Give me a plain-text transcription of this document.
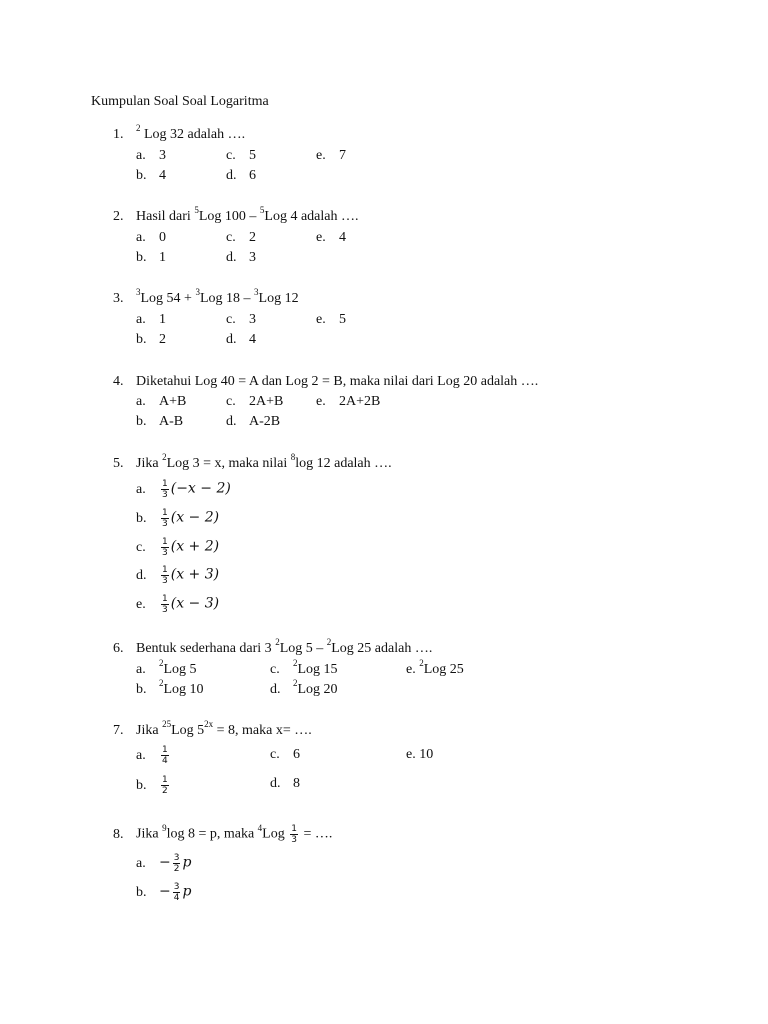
Kumpulan Soal Soal Logaritma
1. $^2$ Log 32 adalah ….
a. 3	c. 5	e. 7
b. 4	d. 6
2. Hasil dari $^5$Log 100 – $^5$Log 4 adalah ….
a. 0	c. 2	e. 4
b. 1	d. 3
3. $^3$Log 54 + $^3$Log 18 – $^3$Log 12
a. 1	c. 3	e. 5
b. 2	d. 4
4. Diketahui Log 40 = A dan Log 2 = B, maka nilai dari Log 20 adalah ….
a. A+B	c. 2A+B e. 2A+2B
b. A-B	d. A-2B
5. Jika $^2$Log 3 = x, maka nilai $^8$log 12 adalah ….
a. $\frac{1}{3} (-x - 2)$
b. $\frac{1}{3} (x - 2)$
c. $\frac{1}{3} (x + 2)$
d. $\frac{1}{3} (x + 3)$
e. $\frac{1}{3} (x - 3)$
6. Bentuk sederhana dari 3 $^2$Log 5 – $^2$Log 25 adalah ….
a. $^2$Log 5	c. $^2$Log 15	e. $^2$Log 25
b. $^2$Log 10	d. $^2$Log 20
7. Jika $^{25}$Log $5^{2x} = 8$, maka x= ….
a. $\frac{1}{4}$	c. 6	e. 10
b. $\frac{1}{2}$	d. 8
8. Jika $^9$log 8 = p, maka $^4Log \frac{1}{3}$ = ….
a. − $\frac{3}{2}$ p
b. − $\frac{3}{4}$ p
